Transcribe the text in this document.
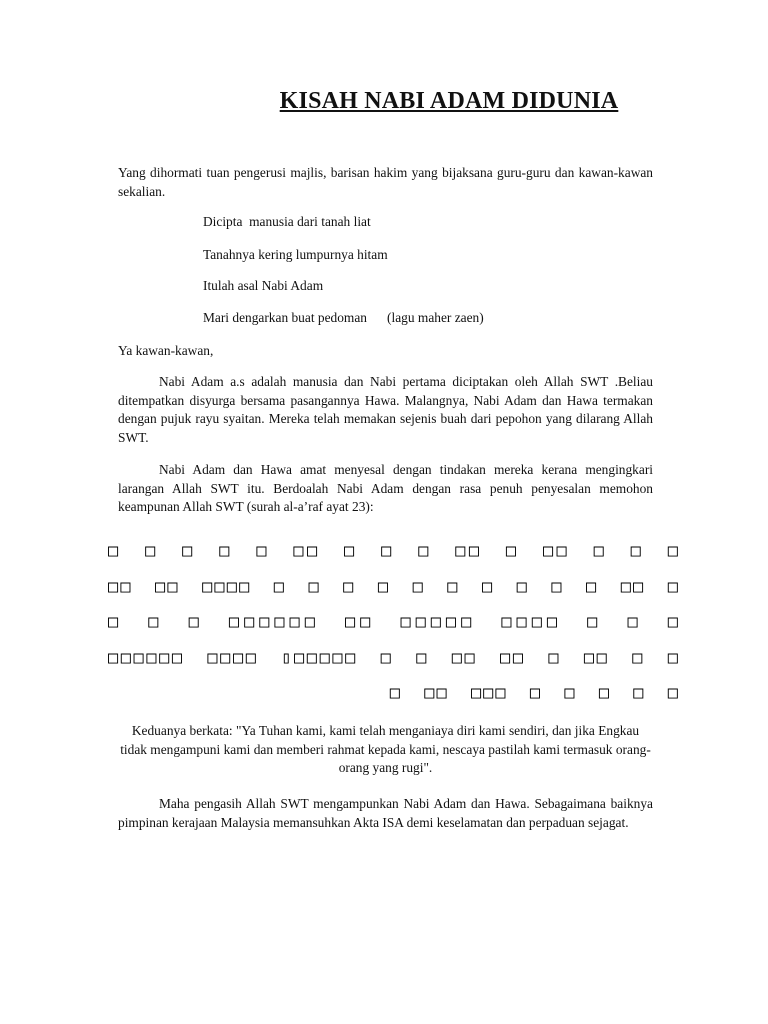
KISAH NABI ADAM DIDUNIA
Yang dihormati tuan pengerusi majlis, barisan hakim yang bijaksana guru-guru dan kawan-kawan sekalian.
Dicipta  manusia dari tanah liat
Tanahnya kering lumpurnya hitam
Itulah asal Nabi Adam
Mari dengarkan buat pedoman      (lagu maher zaen)
Ya kawan-kawan,
Nabi Adam a.s adalah manusia dan Nabi pertama diciptakan oleh Allah SWT .Beliau ditempatkan disyurga bersama pasangannya Hawa. Malangnya, Nabi Adam dan Hawa termakan dengan pujuk rayu syaitan. Mereka telah memakan sejenis buah dari pepohon yang dilarang Allah SWT.
Nabi Adam dan Hawa amat menyesal dengan tindakan mereka kerana mengingkari larangan Allah SWT itu. Berdoalah Nabi Adam dengan rasa penuh penyesalan memohon keampunan Allah SWT (surah al-a’raf ayat 23):
□ □ □ □ □ □□ □ □ □ □□ □ □□ □ □ □ □□ □□ □□□□ □ □ □ □ □ □ □ □ □ □ □□ □ □ □ □ □□□□□□ □□ □□□□□ □□□□ □ □ □ □□□□□□ □□□□ ▯□□□□□ □ □ □□ □□ □ □□ □ □ □ □□ □□□ □ □ □ □ □
Keduanya berkata: "Ya Tuhan kami, kami telah menganiaya diri kami sendiri, dan jika Engkau tidak mengampuni kami dan memberi rahmat kepada kami, nescaya pastilah kami termasuk orang-orang yang rugi".
Maha pengasih Allah SWT mengampunkan Nabi Adam dan Hawa. Sebagaimana baiknya pimpinan kerajaan Malaysia memansuhkan Akta ISA demi keselamatan dan perpaduan sejagat.
